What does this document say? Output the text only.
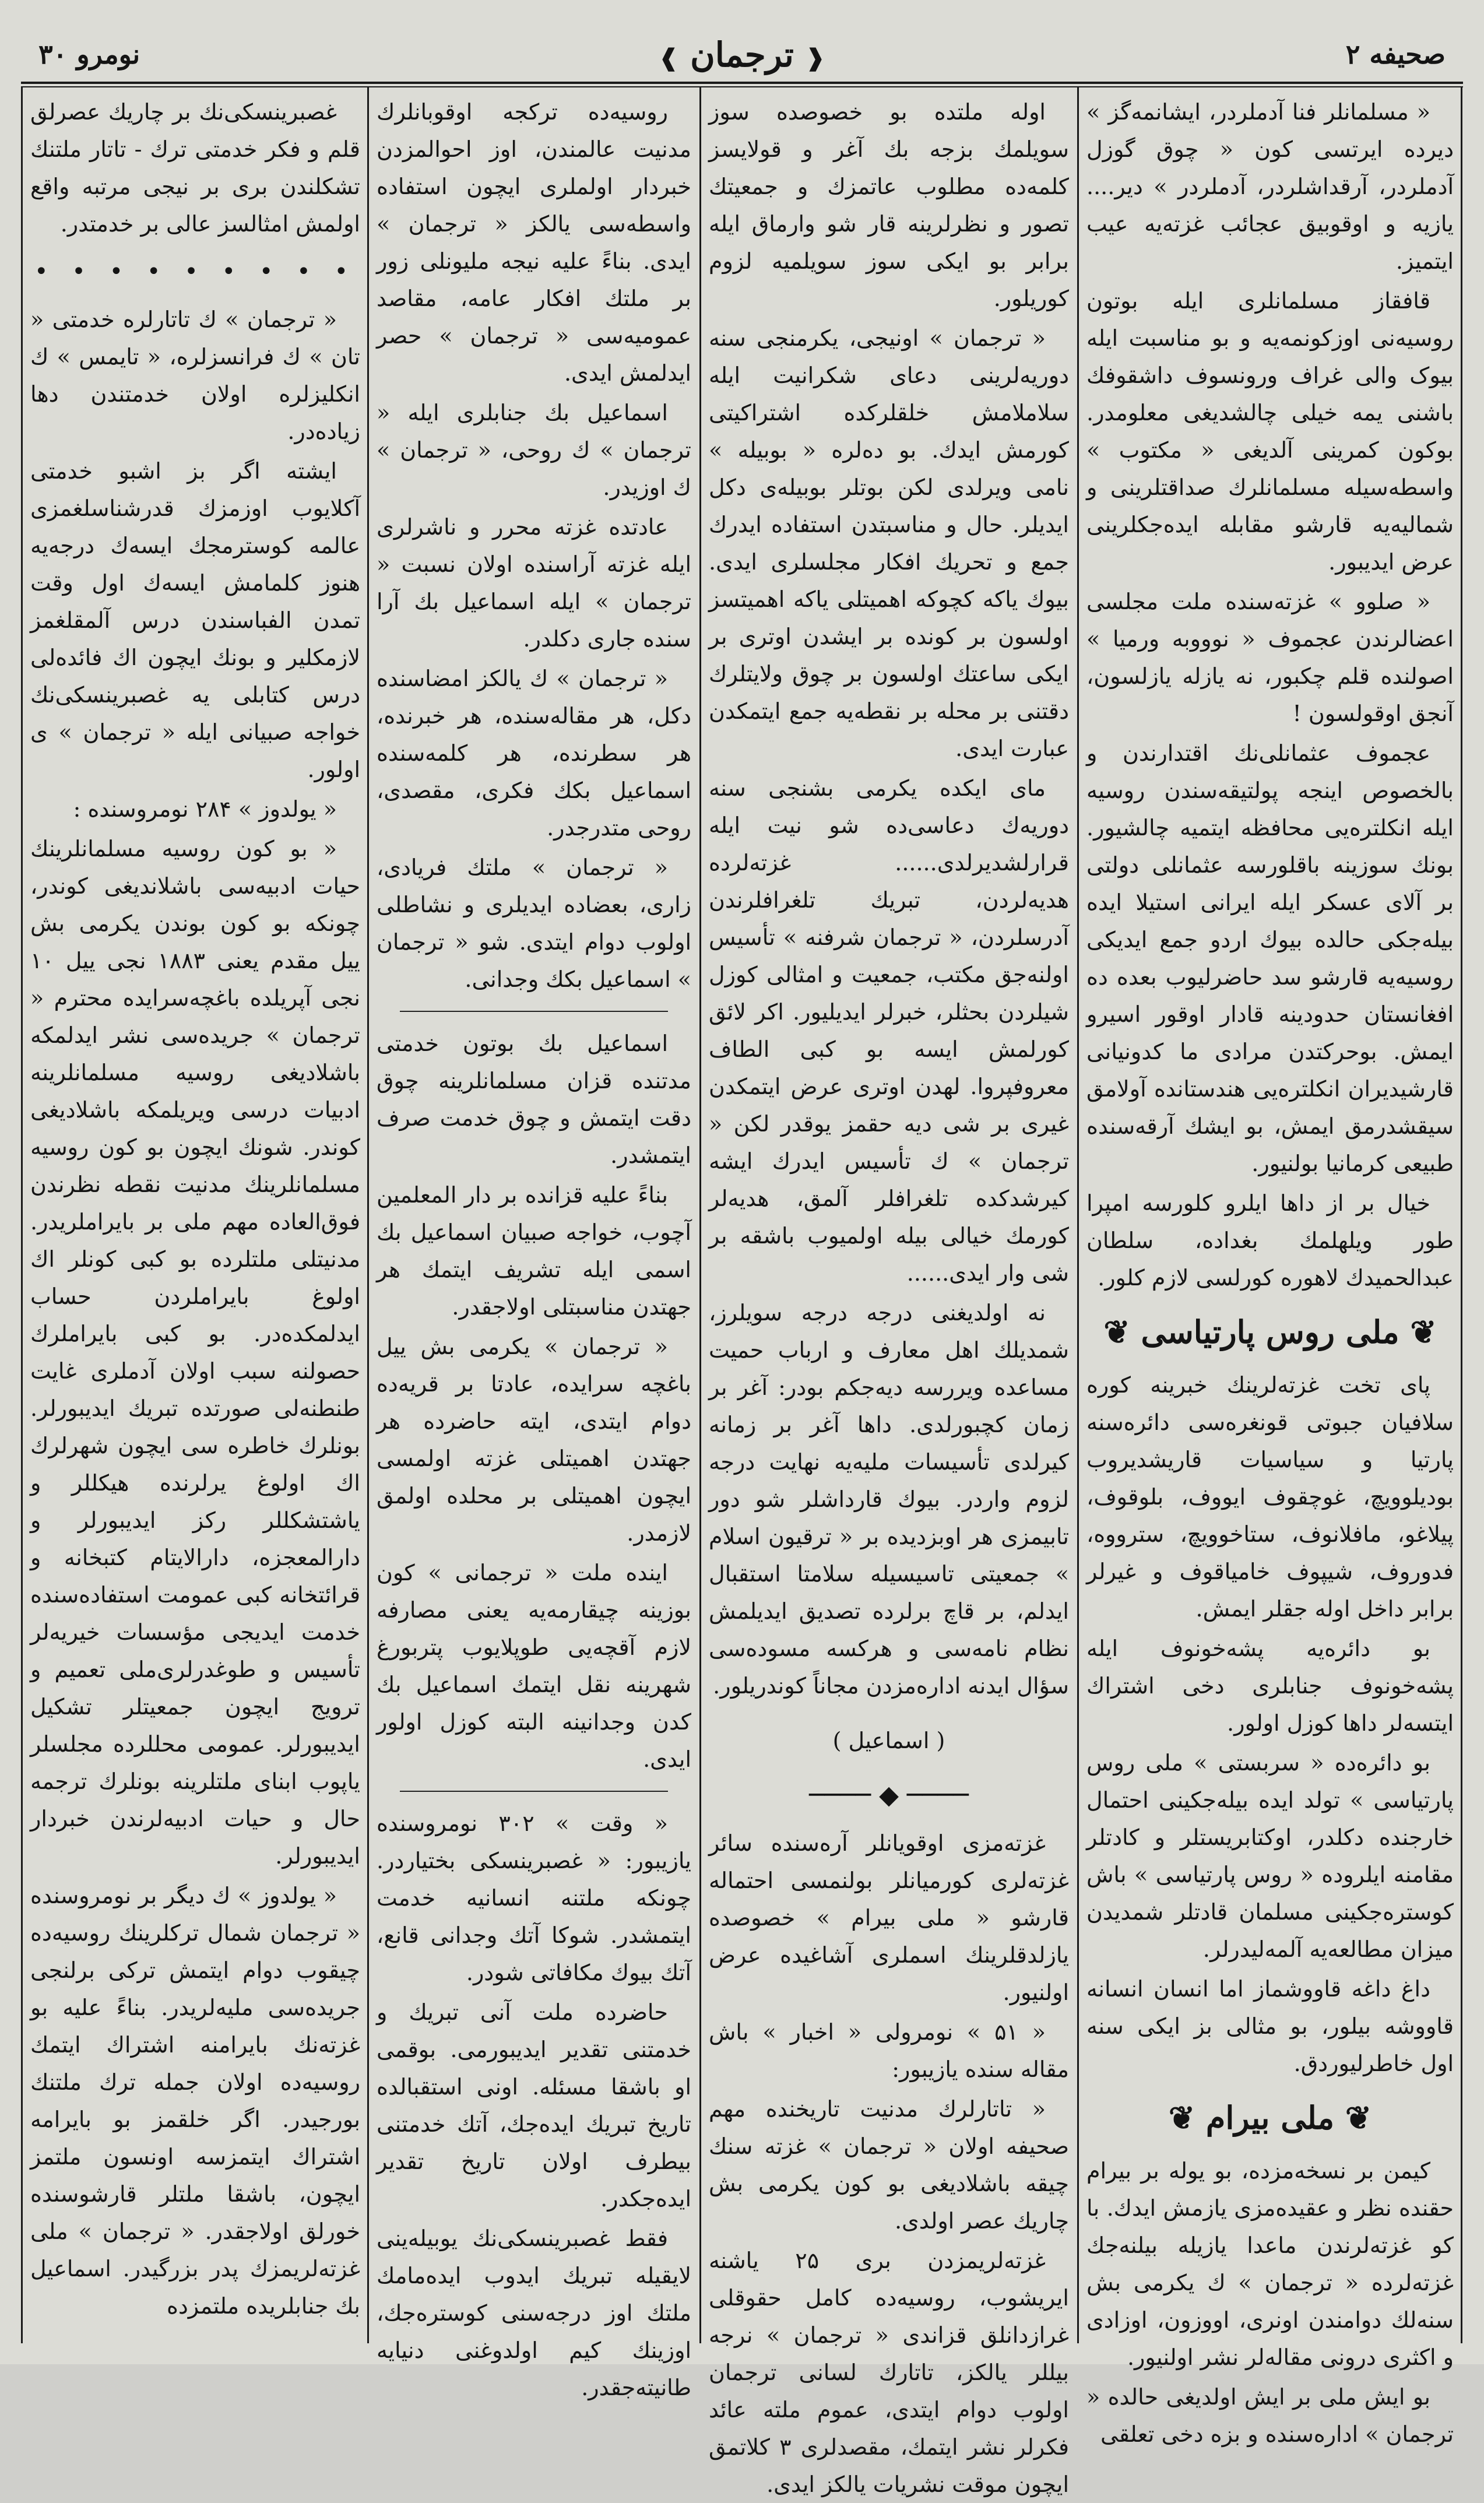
صحیفه ۲
❰ ترجمان ❱
نومرو ۳۰

غصبرینسکی‌نك بر چاریك عصرلق قلم و فکر خدمتی ترك - تاتار ملتنك تشکلندن بری بر نیجی مرتبه واقع اولمش امثالسز عالی بر خدمتدر.

• • • • • • • • •

« ترجمان » ك تاتارلره خدمتی « تان » ك فرانسزلره، « تایمس » ك انکلیزلره اولان خدمتندن دها زیاده‌در.

ایشته اگر بز اشبو خدمتی آکلایوب اوزمزك قدرشناسلغمزی عالمه کوسترمجك ایسه‌ك درجه‌یه هنوز کلمامش ایسه‌ك اول وقت تمدن الفباسندن درس آلمقلغمز لازمکلیر و بونك ایچون اك فائده‌لی درس کتابلی یه غصبرینسکی‌نك خواجه‌ صبیانی ایله « ترجمان » ی اولور.

« یولدوز » ۲۸۴ نومروسنده :

« بو کون روسیه مسلمانلرینك حیات ادبیه‌سی باشلاندیغی کوندر، چونکه بو کون بوندن یکرمی بش ییل مقدم یعنی ۱۸۸۳ نجی ییل ۱۰ نجی آپریلده باغچه‌سرایده محترم « ترجمان » جریده‌سی نشر ایدلمکه باشلادیغی روسیه مسلمانلرینه ادبیات درسی ویریلمکه باشلادیغی کوندر. شونك ایچون بو کون روسیه مسلمانلرینك مدنیت نقطه‌ نظرندن فوق‌العاده مهم ملی بر بایراملریدر. مدنیتلی ملتلرده بو کبی کونلر اك اولوغ بایراملردن حساب ایدلمکده‌در. بو کبی بایراملرك حصولنه سبب اولان آدملری غایت طنطنه‌لی صورتده تبریك ایدیبورلر. بونلرك خاطره‌ سی ایچون شهرلرك اك اولوغ یرلرنده هیکللر و یاشتشکللر رکز ایدیبورلر و دارالمعجزه، دارالایتام کتبخانه و قرائتخانه کبی عمومت استفاده‌سنده خدمت ایدیجی مؤسسات خیریه‌لر تأسیس و طوغدرلری‌ملی تعمیم و ترویج ایچون جمعیتلر تشکیل ایدیبورلر. عمومی محللرده مجلسلر یاپوب ابنای ملتلرینه بونلرك ترجمه حال و حیات ادبیه‌لرندن خبردار ایدیبورلر.

« یولدوز » ك دیگر بر نومروسنده « ترجمان شمال ترکلرینك روسیه‌ده چیقوب دوام ایتمش ترکی برلنجی جریده‌سی ملیه‌لریدر. بناءً علیه بو غزته‌نك بایرامنه اشتراك ایتمك روسیه‌ده اولان جمله ترك ملتنك بورجیدر. اگر خلقمز بو بایرامه اشتراك ایتمزسه اونسون ملتمز ایچون، باشقا ملتلر قارشوسنده خورلق اولاجقدر. « ترجمان » ملی غزته‌لریمزك پدر بزرگیدر. اسماعیل بك جنابلریده ملتمزده

روسیه‌ده ترکجه اوقوبانلرك مدنیت عالمندن، اوز احوالمزدن خبردار اولملری ایچون استفاده واسطه‌سی یالکز « ترجمان » ایدی. بناءً علیه نیجه ملیونلی زور بر ملتك افکار عامه، مقاصد عمومیه‌سی « ترجمان » حصر ایدلمش ایدی.

اسماعیل بك جنابلری ایله « ترجمان » ك روحی، « ترجمان » ك اوزیدر.

عادتده غزته محرر و ناشرلری ایله غزته آراسنده اولان نسبت « ترجمان » ایله اسماعیل بك آرا سنده جاری دکلدر.

« ترجمان » ك یالکز امضاسنده دکل، هر مقاله‌سنده، هر خبرنده، هر سطرنده، هر کلمه‌سنده اسماعیل بکك فکری، مقصدی، روحی متدرجدر.

« ترجمان » ملتك فریادی، زاری، بعضاده ایدیلری و نشاطلی اولوب دوام ایتدی. شو « ترجمان » اسماعیل بکك وجدانی.

اسماعیل بك بوتون خدمتی مدتنده قزان مسلمانلرینه چوق دقت ایتمش و چوق خدمت صرف ایتمشدر.

بناءً علیه قزانده بر دار المعلمین آچوب، خواجه‌ صبیان اسماعیل بك اسمی ایله تشریف ایتمك هر جهتدن مناسبتلی اولاجقدر.

« ترجمان » یکرمی بش ییل باغچه سرایده، عادتا بر قریه‌ده دوام ایتدی، ایته حاضرده هر جهتدن اهمیتلی غزته اولمسی ایچون اهمیتلی بر محلده اولمق لازمدر.

اینده ملت « ترجمانی » کون بوزینه چیقارمه‌یه یعنی مصارفه لازم آقچه‌یی طوپلایوب پتربورغ شهرینه نقل ایتمك اسماعیل بك کدن وجدانینه البته کوزل اولور ایدی.

« وقت » ۳۰۲ نومروسنده یازیبور: « غصبرینسکی بختیاردر. چونکه ملتنه انسانیه خدمت ایتمشدر. شوکا آتك وجدانی قانع، آتك بیوك مکافاتی شودر.

حاضرده ملت آنی تبریك و خدمتنی تقدیر ایدیبورمی. بوقمی او باشقا مسئله. اونی استقبالده تاریخ تبریك ایده‌جك، آتك خدمتنی بیطرف اولان تاریخ تقدیر ایده‌جکدر.

فقط غصبرینسکی‌نك یوبیله‌ینی لایقیله تبریك ایدوب ایده‌مامك ملتك اوز درجه‌سنی کوستره‌جك، اوزینك کیم اولدوغنی دنیایه طانیته‌جقدر.

اوله‌ ملتده بو خصوصده سوز سویلمك بزجه بك آغر و قولایسز کلمه‌ده مطلوب عاتمزك و جمعیتك تصور و نظرلرینه قار شو وارماق ایله برابر بو ایکی سوز سویلمیه لزوم کوریلور.

« ترجمان » اونیجی، یکرمنجی سنه دوریه‌لرینی دعای شکرانیت ایله سلاملامش خلقلرکده اشتراکیتی کورمش ایدك. بو ده‌لره « بوبیله‌ » نامی ویرلدی لکن بوتلر بوبیله‌ی دکل ایدیلر. حال و مناسبتدن استفاده ایدرك جمع و تحریك افکار مجلسلری ایدی. بیوك یاکه کچوکه اهمیتلی یاکه اهمیتسز اولسون بر کونده بر ایشدن اوتری بر ایکی ساعتك اولسون بر چوق ولایتلرك دقتنی بر محله بر نقطه‌یه جمع ایتمکدن عبارت ایدی.

مای ایکده یکرمی بشنجی سنه دوریه‌ك دعاسی‌ده شو نیت ایله قرارلشدیرلدی...... غزته‌لرده هدیه‌لردن، تبریك تلغرافلرندن آدرسلردن، « ترجمان شرفنه » تأسیس اولنه‌جق مکتب، جمعیت و امثالی کوزل شیلردن بحثلر، خبرلر ایدیلیور. اکر لائق کورلمش ایسه بو کبی الطاف معروفپروا. لهدن اوتری عرض ایتمکدن غیری بر شی دیه حقمز یوقدر لکن « ترجمان » ك تأسیس ایدرك ایشه کیرشدکده تلغرافلر آلمق، هدیه‌لر کورمك خیالی بیله اولمیوب باشقه بر شی وار ایدی......

نه اولدیغنی درجه درجه سویلرز، شمدیلك اهل معارف و ارباب حمیت مساعده ویررسه دیه‌جکم بودر: آغر بر زمان کچبورلدی. داها آغر بر زمانه کیرلدی تأسیسات ملیه‌یه نهایت درجه لزوم واردر. بیوك قارداشلر شو دور تابیمزی هر اوبزدیده بر « ترقیون اسلام » جمعیتی تاسیسیله سلامتا استقبال ایدلم، بر قاچ برلرده تصدیق ایدیلمش نظام نامه‌سی و هرکسه مسوده‌سی سؤال ایدنه اداره‌مزدن مجاناً کوندریلور.

( اسماعیل )
──── ◆ ────

غزته‌مزی اوقویانلر آره‌سنده سائر غزته‌لری کورمیانلر بولنمسی احتماله قارشو « ملی بیرام » خصوصده یازلدقلرینك اسملری آشاغیده عرض اولنیور.

« ۵۱ » نومرولی « اخبار » باش مقاله‌ سنده یازیبور:

« تاتارلرك مدنیت تاریخنده مهم صحیفه اولان « ترجمان » غزته‌ سنك چیقه‌ باشلادیغی بو کون یکرمی بش چاریك عصر اولدی.

غزته‌لریمزدن بری ۲۵ یاشنه ایریشوب، روسیه‌ده کامل حقوقلی غرازدانلق قزاندی « ترجمان » نرجه بیللر یالکز، تاتارك لسانی ترجمان اولوب دوام ایتدی، عموم ملته عائد فکرلر نشر ایتمك، مقصدلری ۳ کلاتمق ایچون موقت نشریات یالکز ایدی.

« مسلمانلر فنا آدملردر، ایشانمه‌گز » دیرده ایرتسی کون « چوق گوزل آدملردر، آرقداشلردر، آدملردر » دیر.... یازیه و اوقوبیق عجائب غزته‌یه عیب ایتمیز.

قافقاز مسلمانلری ایله بوتون روسیه‌نی اوزکونمه‌یه و بو مناسبت ایله بیوک والی غراف ورونسوف داشقوفك باشنی یمه خیلی چالشدیغی معلومدر. بوکون کمرینی آلدیغی « مکتوب » واسطه‌سیله مسلمانلرك صداقتلرینی و شمالیه‌یه قارشو مقابله ایده‌جکلرینی عرض ایدیبور.

« صلوو » غزته‌سنده ملت مجلسی اعضالرندن عجموف « نوووبه ورمیا » اصولنده قلم چکبور، نه یازله یازلسون، آنجق اوقولسون !

عجموف عثمانلی‌نك اقتدارندن و بالخصوص اینجه پولتیقه‌سندن روسیه ایله انکلتره‌یی محافظه ایتمیه چالشیور. بونك سوزینه باقلورسه عثمانلی دولتی بر آلای عسکر ایله ایرانی استیلا ایده بیله‌جکی حالده بیوك اردو جمع ایدیکی روسیه‌یه قارشو سد حاضرلیوب بعده ده افغانستان حدودینه قادار اوقور اسیرو ایمش. بوحرکتدن مرادی ما کدونیانی قارشیدیران انکلتره‌یی هندستانده آولامق سیقشدرمق ایمش، بو ایشك آرقه‌سنده طبیعی کرمانیا بولنیور.

خیال بر از داها ایلرو کلورسه امپرا طور ویلهلمك بغداده، سلطان عبدالحمیدك لاهوره کورلسی لازم کلور.

❦ ملی روس پارتیاسی ❦

پای تخت غزته‌لرینك خبرینه کوره سلافیان جبوتی قونغره‌سی دائره‌سنه پارتیا و سیاسیات قاریشدیروب بودیلوویچ، غوچقوف ایووف، بلوقوف، پیلاغو، مافلانوف، ستاخوویچ، سترووه، فدوروف، شیپوف خامیاقوف و غیرلر برابر داخل اوله‌ جقلر ایمش.

بو دائره‌یه پشه‌خونوف ایله پشه‌خونوف جنابلری دخی اشتراك ایتسه‌لر داها کوزل اولور.

بو دائره‌ده « سربستی » ملی روس پارتیاسی » تولد ایده بیله‌جکینی احتمال خارجنده دکلدر، اوکتابریستلر و کادتلر مقامنه ایلروده « روس پارتیاسی » باش کوستره‌جکینی مسلمان قادتلر شمدیدن میزان مطالعه‌یه آلمه‌لیدرلر.

داغ داغه قاووشماز اما انسان انسانه قاووشه بیلور، بو مثالی بز ایکی سنه اول خاطرلیوردق.

❦ ملی بیرام ❦

کیمن بر نسخه‌مزده، بو یوله بر بیرام حقنده نظر و عقیده‌مزی یازمش ایدك. با کو غزته‌لرندن ماعدا یازیله بیلنه‌جك غزته‌لرده « ترجمان » ك یکرمی بش سنه‌لك دوامندن اونری، اووزون، اوزادی و اکثری درونی مقاله‌لر نشر اولنیور.

بو ایش ملی بر ایش اولدیغی حالده « ترجمان » اداره‌سنده و بزه دخی تعلقی
